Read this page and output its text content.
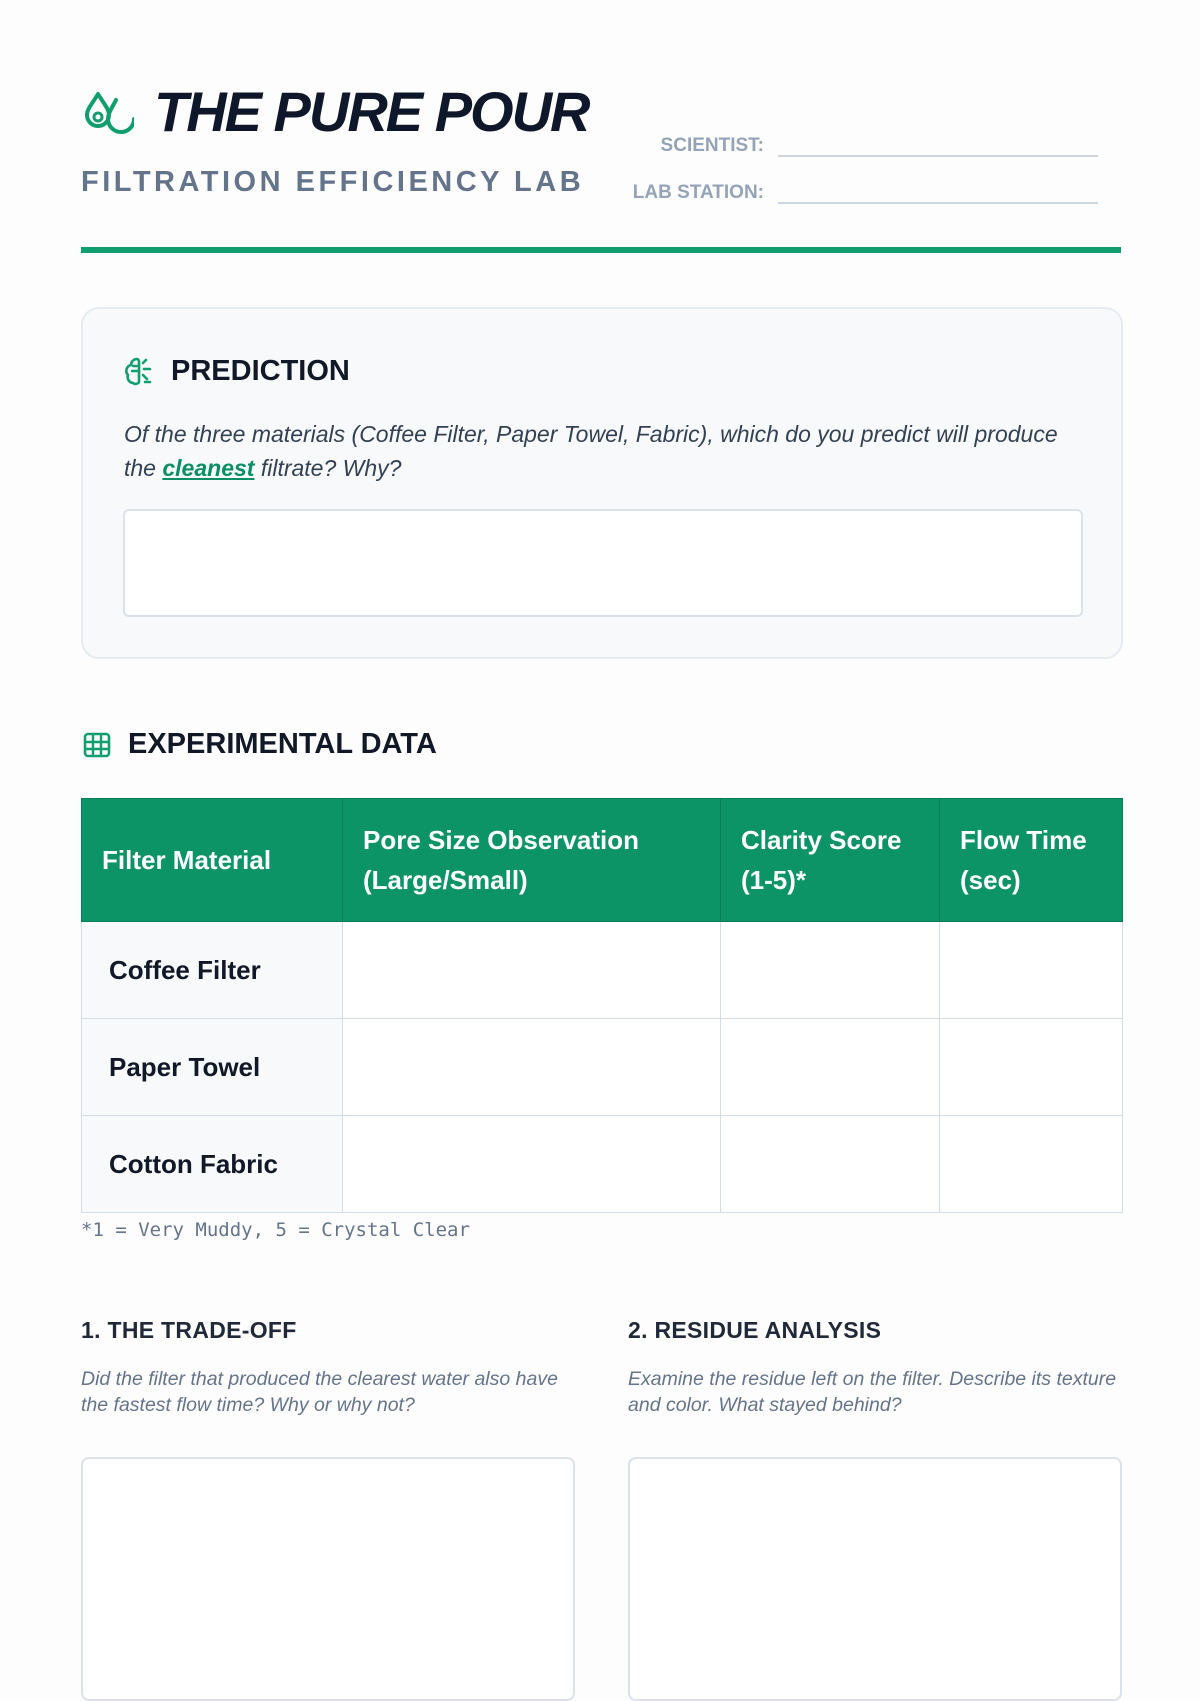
THE PURE POUR
FILTRATION EFFICIENCY LAB
SCIENTIST:
LAB STATION:
PREDICTION
Of the three materials (Coffee Filter, Paper Towel, Fabric), which do you predict will produce the cleanest filtrate? Why?
EXPERIMENTAL DATA
Filter Material	Pore Size Observation (Large/Small)	Clarity Score (1-5)*	Flow Time (sec)
Coffee Filter			
Paper Towel			
Cotton Fabric			
*1 = Very Muddy, 5 = Crystal Clear
1. THE TRADE-OFF
Did the filter that produced the clearest water also have the fastest flow time? Why or why not?
2. RESIDUE ANALYSIS
Examine the residue left on the filter. Describe its texture and color. What stayed behind?
